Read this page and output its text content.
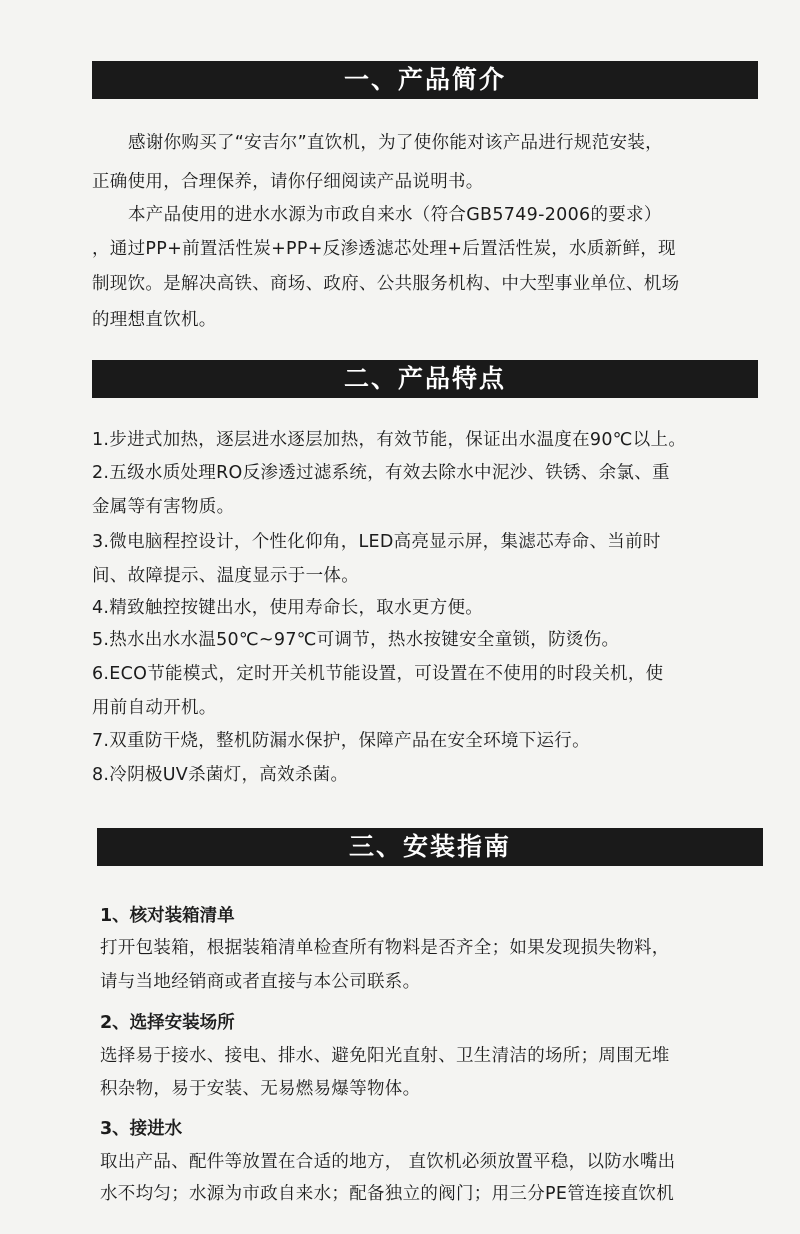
一、产品简介
感谢你购买了“安吉尔”直饮机，为了使你能对该产品进行规范安装，
正确使用，合理保养，请你仔细阅读产品说明书。
本产品使用的进水水源为市政自来水（符合GB5749-2006的要求）
，通过PP+前置活性炭+PP+反渗透滤芯处理+后置活性炭，水质新鲜，现
制现饮。是解决高铁、商场、政府、公共服务机构、中大型事业单位、机场
的理想直饮机。
二、产品特点
1.步进式加热，逐层进水逐层加热，有效节能，保证出水温度在90℃以上。
2.五级水质处理RO反渗透过滤系统，有效去除水中泥沙、铁锈、余氯、重
金属等有害物质。
3.微电脑程控设计，个性化仰角，LED高亮显示屏，集滤芯寿命、当前时
间、故障提示、温度显示于一体。
4.精致触控按键出水，使用寿命长，取水更方便。
5.热水出水水温50℃~97℃可调节，热水按键安全童锁，防烫伤。
6.ECO节能模式，定时开关机节能设置，可设置在不使用的时段关机，使
用前自动开机。
7.双重防干烧，整机防漏水保护，保障产品在安全环境下运行。
8.冷阴极UV杀菌灯，高效杀菌。
三、安装指南
1、核对装箱清单
打开包装箱，根据装箱清单检查所有物料是否齐全；如果发现损失物料，
请与当地经销商或者直接与本公司联系。
2、选择安装场所
选择易于接水、接电、排水、避免阳光直射、卫生清洁的场所；周围无堆
积杂物，易于安装、无易燃易爆等物体。
3、接进水
取出产品、配件等放置在合适的地方， 直饮机必须放置平稳，以防水嘴出
水不均匀；水源为市政自来水；配备独立的阀门；用三分PE管连接直饮机
